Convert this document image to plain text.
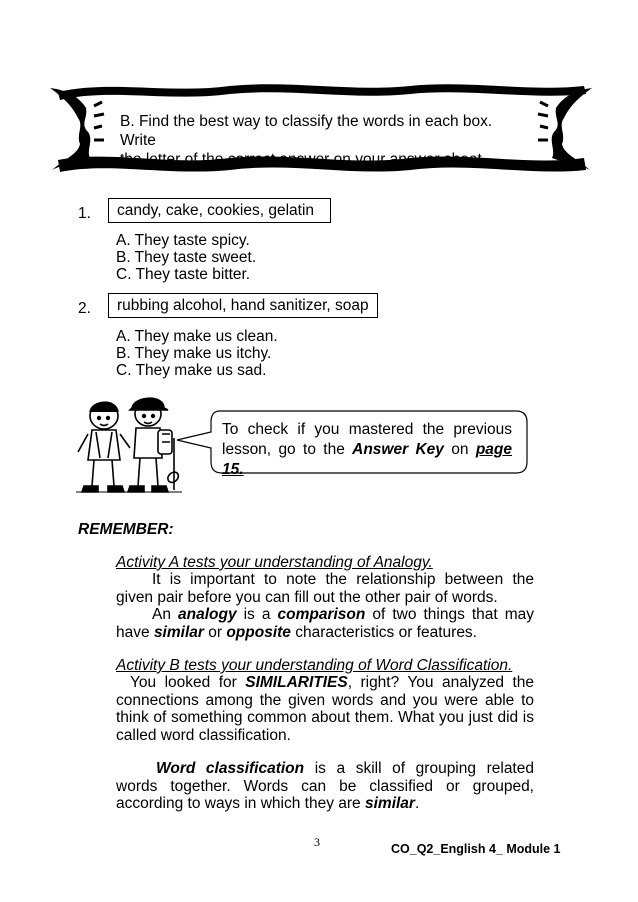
B. Find the best way to classify the words in each box. Write
the letter of the correct answer on your answer sheet.
1.	candy, cake, cookies, gelatin
A. They taste spicy.
B. They taste sweet.
C. They taste bitter.
2.	rubbing alcohol, hand sanitizer, soap
A. They make us clean.
B. They make us itchy.
C. They make us sad.
To check if you mastered the previous
lesson, go to the Answer Key on page 15.
REMEMBER:
Activity A tests your understanding of Analogy.
It is important to note the relationship between the given pair before you can fill out the other pair of words.
An analogy is a comparison of two things that may have similar or opposite characteristics or features.
Activity B tests your understanding of Word Classification.
You looked for SIMILARITIES, right? You analyzed the connections among the given words and you were able to think of something common about them. What you just did is called word classification.
Word classification is a skill of grouping related words together. Words can be classified or grouped, according to ways in which they are similar.
3	CO_Q2_English 4_ Module 1
